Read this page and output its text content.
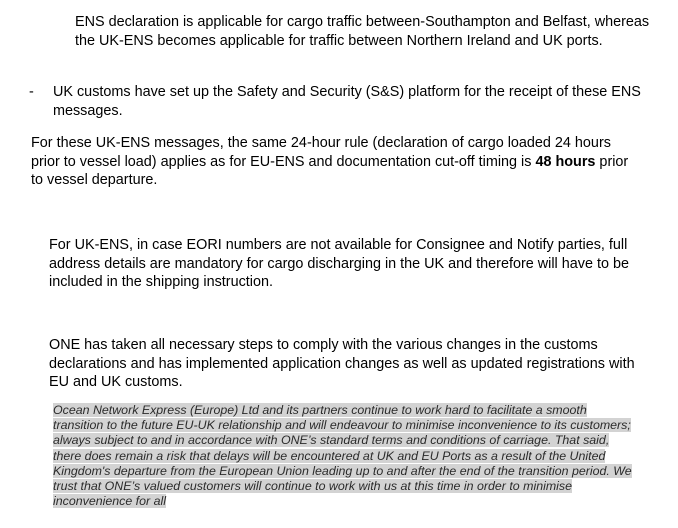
ENS declaration is applicable for cargo traffic between-Southampton and Belfast, whereas the UK-ENS becomes applicable for traffic between Northern Ireland and UK ports.

- UK customs have set up the Safety and Security (S&S) platform for the receipt of these ENS messages.

For these UK-ENS messages, the same 24-hour rule (declaration of cargo loaded 24 hours prior to vessel load) applies as for EU-ENS and documentation cut-off timing is 48 hours prior to vessel departure.

For UK-ENS, in case EORI numbers are not available for Consignee and Notify parties, full address details are mandatory for cargo discharging in the UK and therefore will have to be included in the shipping instruction.

ONE has taken all necessary steps to comply with the various changes in the customs declarations and has implemented application changes as well as updated registrations with EU and UK customs.

Ocean Network Express (Europe) Ltd and its partners continue to work hard to facilitate a smooth transition to the future EU-UK relationship and will endeavour to minimise inconvenience to its customers; always subject to and in accordance with ONE’s standard terms and conditions of carriage. That said, there does remain a risk that delays will be encountered at UK and EU Ports as a result of the United Kingdom's departure from the European Union leading up to and after the end of the transition period. We trust that ONE’s valued customers will continue to work with us at this time in order to minimise inconvenience for all
